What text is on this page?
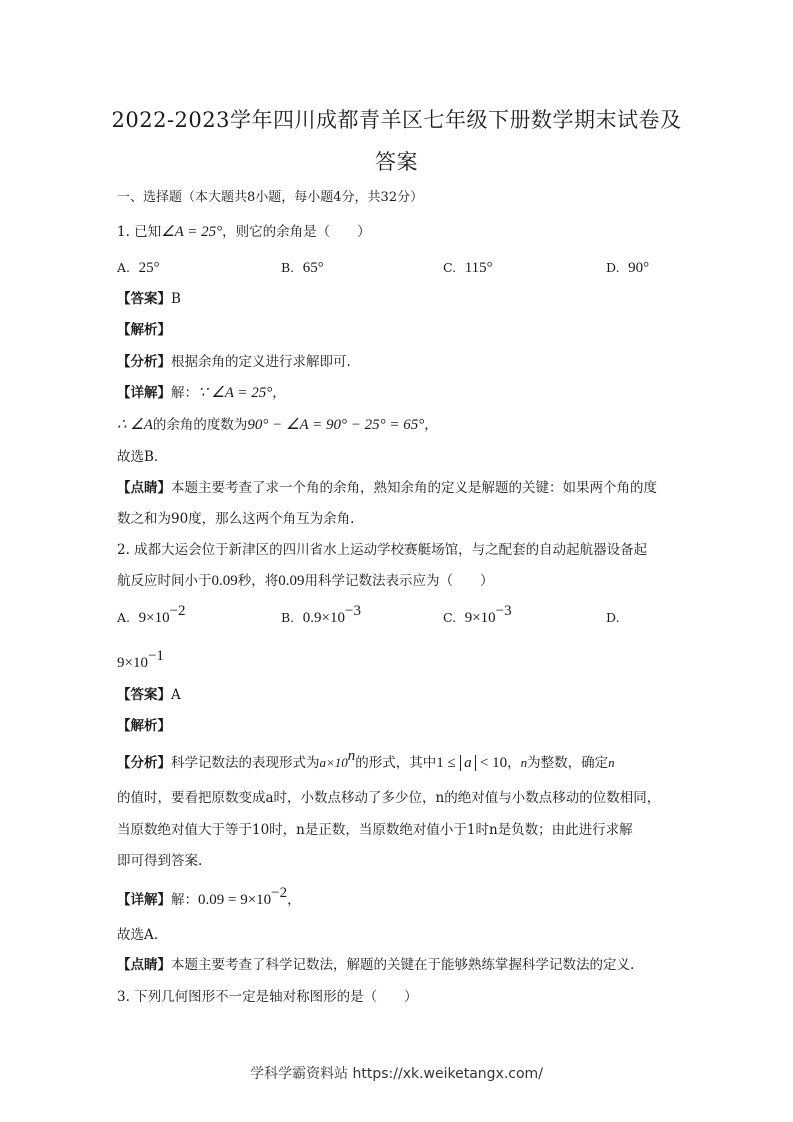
2022-2023学年四川成都青羊区七年级下册数学期末试卷及
答案
一、选择题（本大题共8小题，每小题4分，共32分）
1. 已知∠A = 25°，则它的余角是（　　）
A. 25°	B. 65°	C. 115°	D. 90°
【答案】B
【解析】
【分析】根据余角的定义进行求解即可.
【详解】解：∵ ∠A = 25°，
∴ ∠A的余角的度数为90° − ∠A = 90° − 25° = 65°，
故选B.
【点睛】本题主要考查了求一个角的余角，熟知余角的定义是解题的关键：如果两个角的度
数之和为90度，那么这两个角互为余角.
2. 成都大运会位于新津区的四川省水上运动学校赛艇场馆，与之配套的自动起航器设备起
航反应时间小于0.09秒，将0.09用科学记数法表示应为（　　）
A. $9\times 10^{-2}$	B. $0.9\times 10^{-3}$	C. $9\times 10^{-3}$	D.
$9\times 10^{-1}$
【答案】A
【解析】
【分析】科学记数法的表现形式为$a\times 10^n$的形式，其中1 ≤ a < 10，n为整数，确定n
的值时，要看把原数变成a时，小数点移动了多少位，n的绝对值与小数点移动的位数相同，
当原数绝对值大于等于10时，n是正数，当原数绝对值小于1时n是负数；由此进行求解
即可得到答案.
【详解】解：$0.09 = 9\times 10^{-2}$，
故选A.
【点睛】本题主要考查了科学记数法，解题的关键在于能够熟练掌握科学记数法的定义.
3. 下列几何图形不一定是轴对称图形的是（　　）
学科学霸资料站 https://xk.weiketangx.com/
